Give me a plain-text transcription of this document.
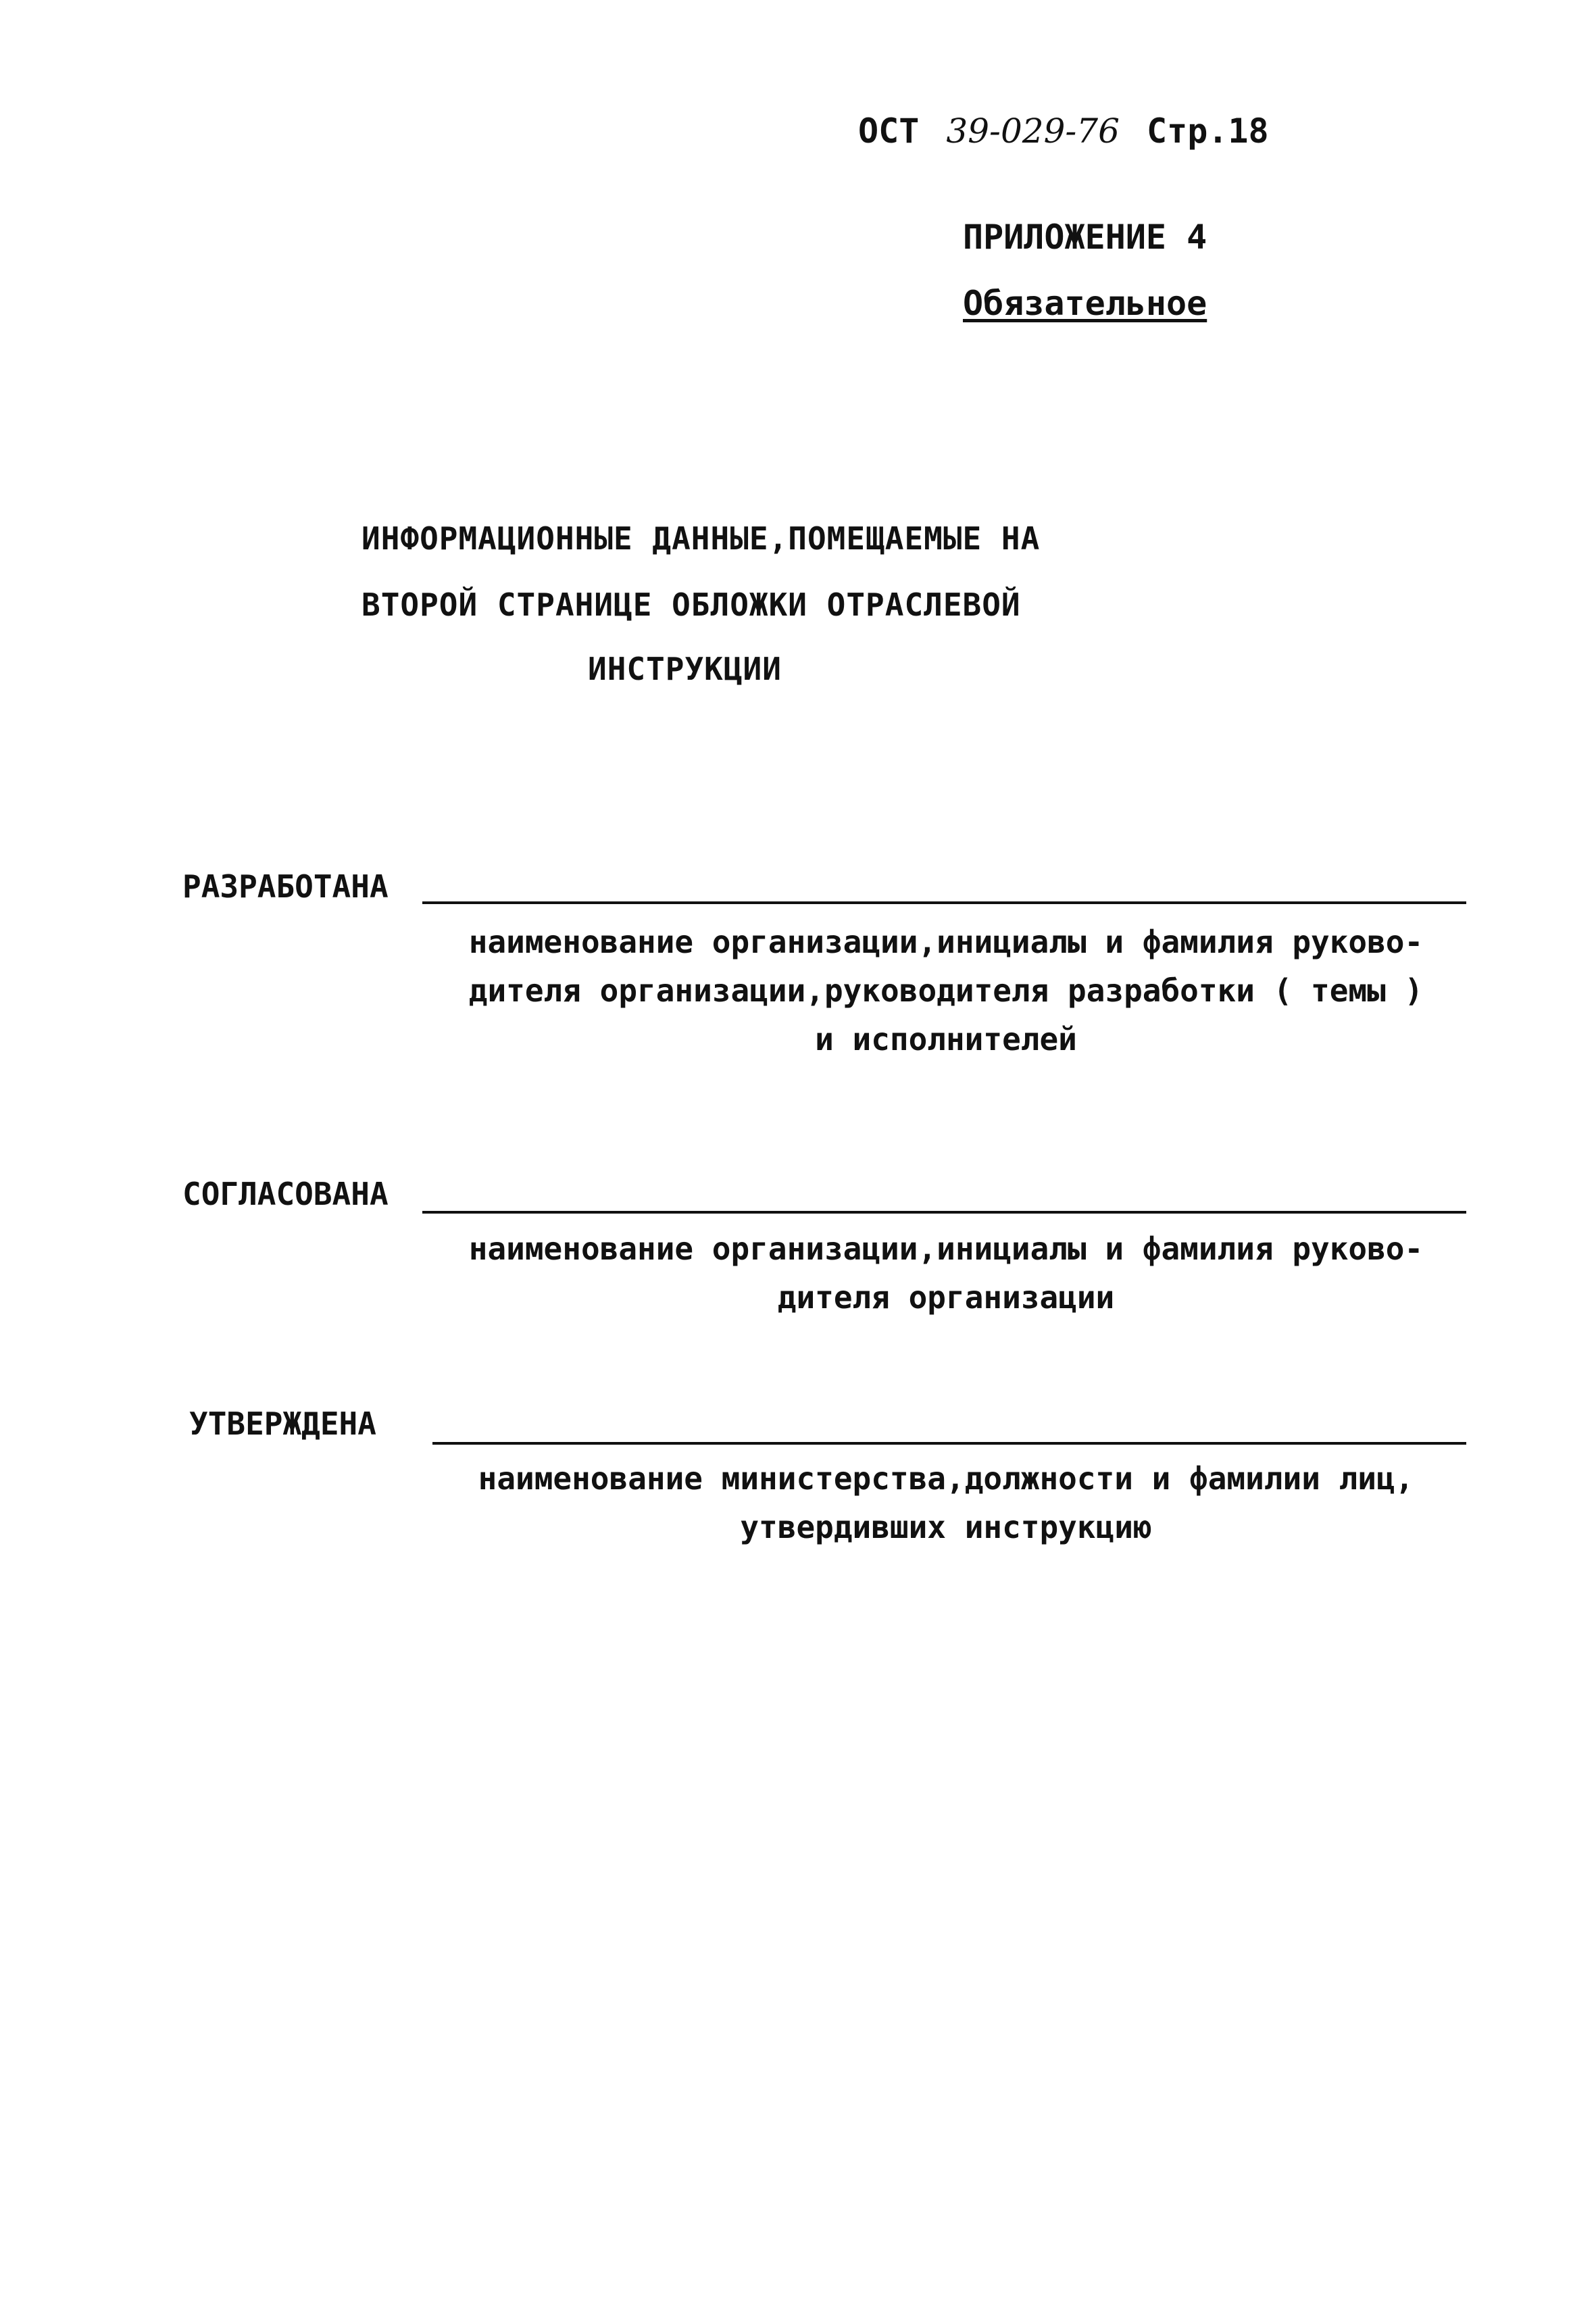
ОСТ 39-029-76 Стр.18
ПРИЛОЖЕНИЕ 4
Обязательное
ИНФОРМАЦИОННЫЕ ДАННЫЕ,ПОМЕЩАЕМЫЕ НА
ВТОРОЙ СТРАНИЦЕ ОБЛОЖКИ ОТРАСЛЕВОЙ
ИНСТРУКЦИИ
РАЗРАБОТАНА
наименование организации,инициалы и фамилия руково-
дителя организации,руководителя разработки ( темы )
и исполнителей
СОГЛАСОВАНА
наименование организации,инициалы и фамилия руково-
дителя организации
УТВЕРЖДЕНА
наименование министерства,должности и фамилии лиц,
утвердивших инструкцию
